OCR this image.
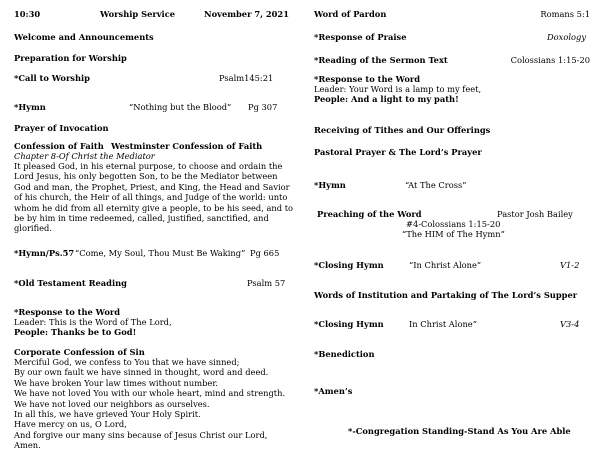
10:30	Worship Service	November 7, 2021
Welcome and Announcements
Preparation for Worship
*Call to Worship	Psalm145:21
*Hymn	“Nothing but the Blood” Pg 307
Prayer of Invocation
Confession of Faith Westminster Confession of Faith
Chapter 8-Of Christ the Mediator
It pleased God, in his eternal purpose, to choose and ordain the
Lord Jesus, his only begotten Son, to be the Mediator between
God and man, the Prophet, Priest, and King, the Head and Savior
of his church, the Heir of all things, and Judge of the world: unto
whom he did from all eternity give a people, to be his seed, and to
be by him in time redeemed, called, justified, sanctified, and
glorified.
*Hymn/Ps.57 “Come, My Soul, Thou Must Be Waking” Pg 665
*Old Testament Reading	Psalm 57
*Response to the Word
Leader: This is the Word of The Lord,
People: Thanks be to God!
Corporate Confession of Sin
Merciful God, we confess to You that we have sinned;
By our own fault we have sinned in thought, word and deed.
We have broken Your law times without number.
We have not loved You with our whole heart, mind and strength.
We have not loved our neighbors as ourselves.
In all this, we have grieved Your Holy Spirit.
Have mercy on us, O Lord,
And forgive our many sins because of Jesus Christ our Lord,
Amen.
Word of Pardon	Romans 5:1
*Response of Praise	Doxology
*Reading of the Sermon Text	Colossians 1:15-20
*Response to the Word
Leader: Your Word is a lamp to my feet,
People: And a light to my path!
Receiving of Tithes and Our Offerings
Pastoral Prayer & The Lord’s Prayer
*Hymn	“At The Cross”
Preaching of the Word	Pastor Josh Bailey
#4-Colossians 1:15-20
“The HIM of The Hymn”
*Closing Hymn	“In Christ Alone”	V1-2
Words of Institution and Partaking of The Lord’s Supper
*Closing Hymn	In Christ Alone”	V3-4
*Benediction
*Amen’s
*-Congregation Standing-Stand As You Are Able
